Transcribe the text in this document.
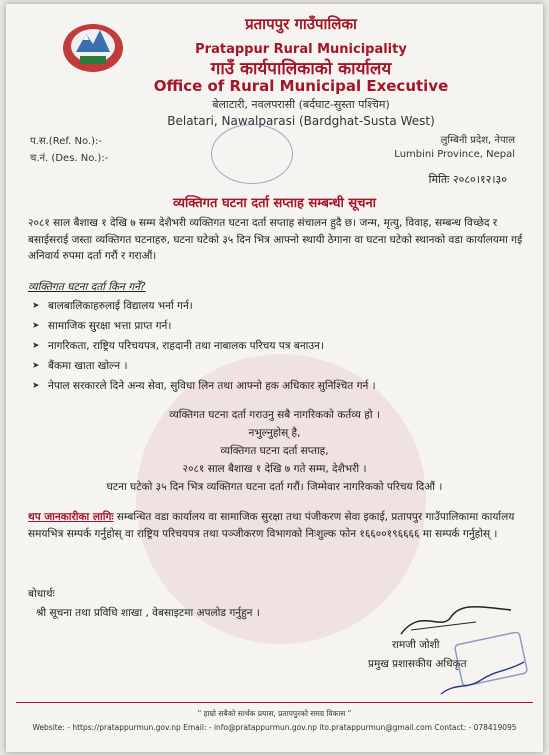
प्रतापपुर गाउँपालिका
Pratappur Rural Municipality
गाउँ कार्यपालिकाको कार्यालय
Office of Rural Municipal Executive
बेलाटारी, नवलपरासी (बर्दघाट-सुस्ता पश्चिम)
Belatari, Nawalparasi (Bardghat-Susta West)
प.स.(Ref. No.):-
च.नं. (Des. No.):-
लुम्बिनी प्रदेश, नेपाल
Lumbini Province, Nepal
मितिः २०८०।१२।३०
व्यक्तिगत घटना दर्ता सप्ताह सम्बन्धी सूचना
२०८१ साल बैशाख १ देखि ७ सम्म देशैभरी व्यक्तिगत घटना दर्ता सप्ताह संचालन हुदै छ। जन्म, मृत्यु, विवाह, सम्बन्ध विच्छेद र बसाईसराई जस्ता व्यक्तिगत घटनाहरु, घटना घटेको ३५ दिन भित्र आफ्नो स्थायी ठेगाना वा घटना घटेको स्थानको वडा कार्यालयमा गई अनिवार्य रुपमा दर्ता गरौं र गराऔं।
व्यक्तिगत घटना दर्ता किन गर्ने?
➤ बालबालिकाहरुलाई विद्यालय भर्ना गर्न।
➤ सामाजिक सुरक्षा भत्ता प्राप्त गर्न।
➤ नागरिकता, राष्ट्रिय परिचयपत्र, राहदानी तथा नाबालक परिचय पत्र बनाउन।
➤ बैंकमा खाता खोल्न ।
➤ नेपाल सरकारले दिने अन्य सेवा, सुविधा लिन तथा आफ्नो हक अधिकार सुनिश्चित गर्न ।
व्यक्तिगत घटना दर्ता गराउनु सबै नागरिकको कर्तव्य हो ।
नभुल्नुहोस् है,
व्यक्तिगत घटना दर्ता सप्ताह,
२०८१ साल बैशाख १ देखि ७ गते सम्म, देशैभरी ।
घटना घटेको ३५ दिन भित्र व्यक्तिगत घटना दर्ता गरौं। जिम्मेवार नागरिकको परिचय दिऔं ।
थप जानकारीका लागिः सम्बन्धित वडा कार्यालय वा सामाजिक सुरक्षा तथा पंजीकरण सेवा इकाई, प्रतापपुर गाउँपालिकामा कार्यालय समयभित्र सम्पर्क गर्नुहोस् वा राष्ट्रिय परिचयपत्र तथा पञ्जीकरण विभागको निःशुल्क फोन १६६००१९६६६६ मा सम्पर्क गर्नुहोस् ।
बोधार्थः
श्री सूचना तथा प्रविधि शाखा , वेबसाइटमा अपलोड गर्नुहुन ।
रामजी जोशी
प्रमुख प्रशासकीय अधिकृत
" हाम्रो सबैको सार्थक प्रयास, प्रतापपुरको समग्र विकास "
Website: - https://pratappurmun.gov.np Email: - info@pratappurmun.gov.np ito.pratappurmun@gmail.com Contact: - 078419095
